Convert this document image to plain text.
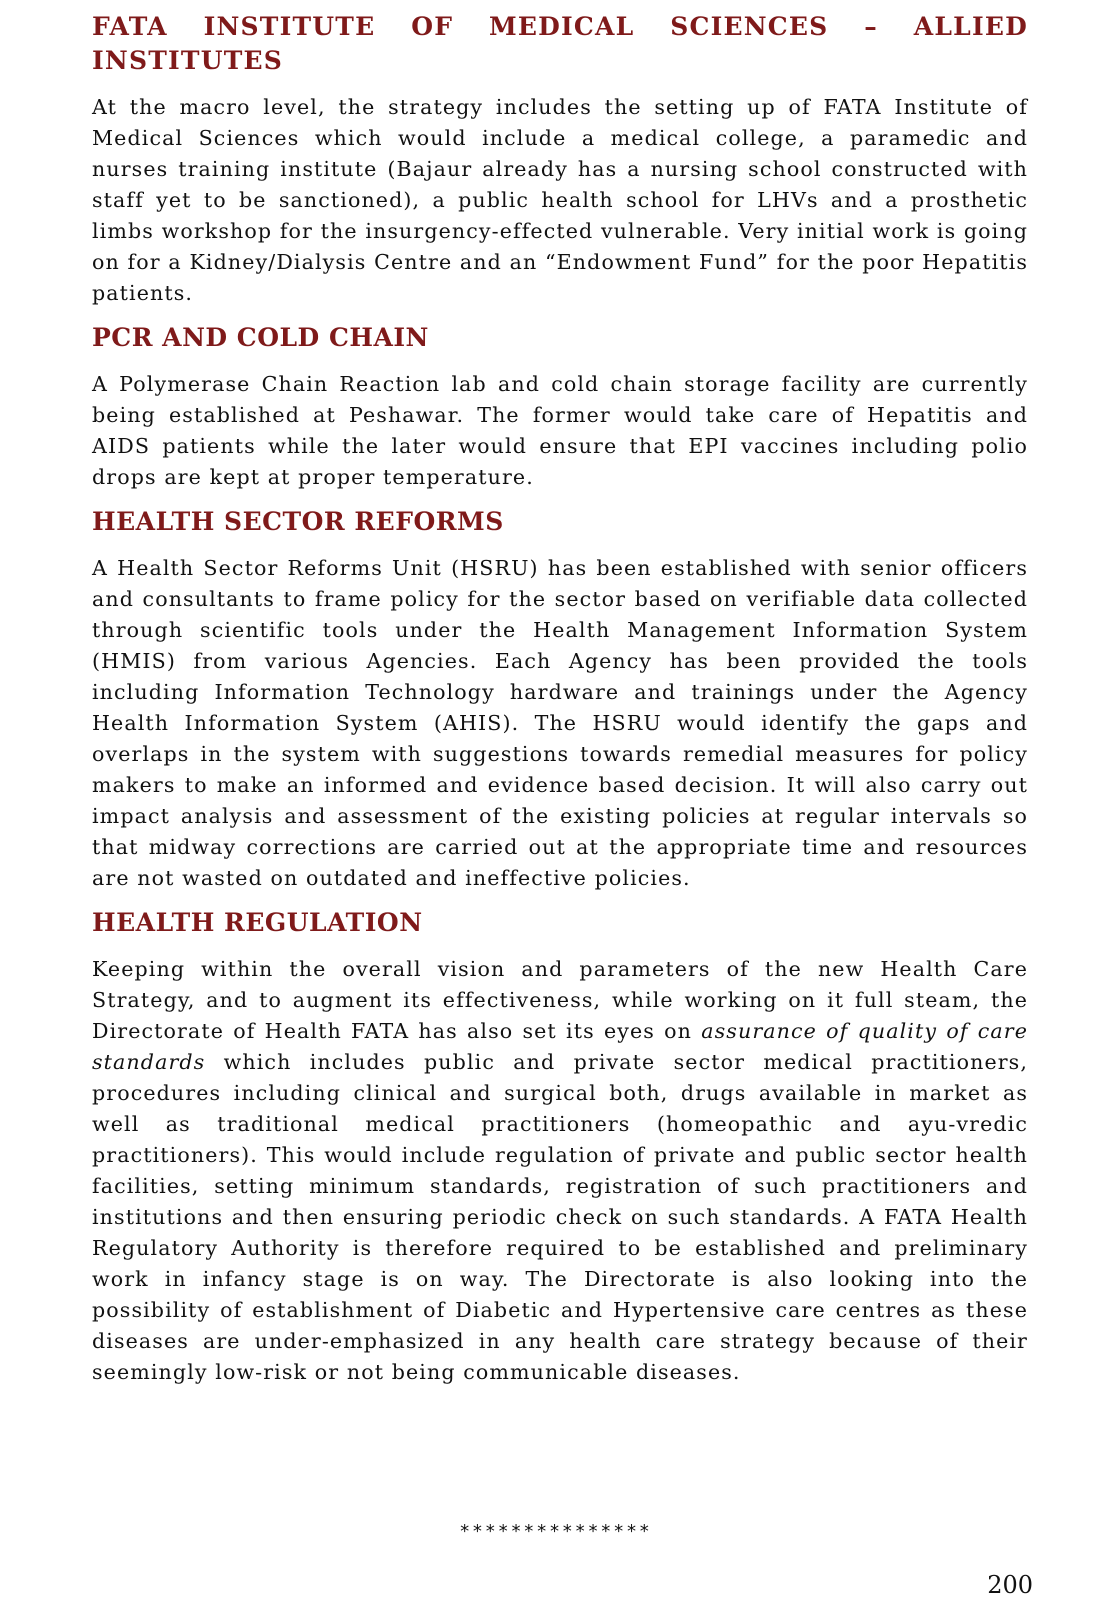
FATA INSTITUTE OF MEDICAL SCIENCES – ALLIED INSTITUTES

At the macro level, the strategy includes the setting up of FATA Institute of Medical Sciences which would include a medical college, a paramedic and nurses training institute (Bajaur already has a nursing school constructed with staff yet to be sanctioned), a public health school for LHVs and a prosthetic limbs workshop for the insurgency-effected vulnerable. Very initial work is going on for a Kidney/Dialysis Centre and an “Endowment Fund” for the poor Hepatitis patients.

PCR AND COLD CHAIN

A Polymerase Chain Reaction lab and cold chain storage facility are currently being established at Peshawar. The former would take care of Hepatitis and AIDS patients while the later would ensure that EPI vaccines including polio drops are kept at proper temperature.

HEALTH SECTOR REFORMS

A Health Sector Reforms Unit (HSRU) has been established with senior officers and consultants to frame policy for the sector based on verifiable data collected through scientific tools under the Health Management Information System (HMIS) from various Agencies. Each Agency has been provided the tools including Information Technology hardware and trainings under the Agency Health Information System (AHIS). The HSRU would identify the gaps and overlaps in the system with suggestions towards remedial measures for policy makers to make an informed and evidence based decision. It will also carry out impact analysis and assessment of the existing policies at regular intervals so that midway corrections are carried out at the appropriate time and resources are not wasted on outdated and ineffective policies.

HEALTH REGULATION

Keeping within the overall vision and parameters of the new Health Care Strategy, and to augment its effectiveness, while working on it full steam, the Directorate of Health FATA has also set its eyes on assurance of quality of care standards which includes public and private sector medical practitioners, procedures including clinical and surgical both, drugs available in market as well as traditional medical practitioners (homeopathic and ayu-vredic practitioners). This would include regulation of private and public sector health facilities, setting minimum standards, registration of such practitioners and institutions and then ensuring periodic check on such standards. A FATA Health Regulatory Authority is therefore required to be established and preliminary work in infancy stage is on way. The Directorate is also looking into the possibility of establishment of Diabetic and Hypertensive care centres as these diseases are under-emphasized in any health care strategy because of their seemingly low-risk or not being communicable diseases.

***************
200
